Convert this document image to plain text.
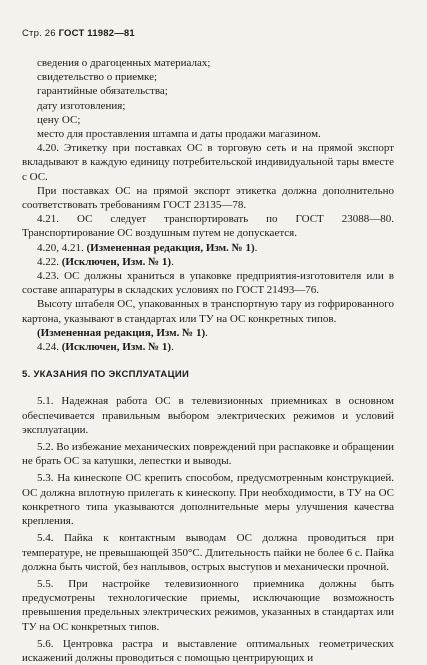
Стр. 26 ГОСТ 11982—81

сведения о драгоценных материалах;

свидетельство о приемке;

гарантийные обязательства;

дату изготовления;

цену ОС;

место для проставления штампа и даты продажи магазином.

4.20. Этикетку при поставках ОС в торговую сеть и на прямой экспорт вкладывают в каждую единицу потребительской индивидуальной тары вместе с ОС.

При поставках ОС на прямой экспорт этикетка должна дополнительно соответствовать требованиям ГОСТ 23135—78.

4.21. ОС следует транспортировать по ГОСТ 23088—80. Транспортирование ОС воздушным путем не допускается.

4.20, 4.21. (Измененная редакция, Изм. № 1).

4.22. (Исключен, Изм. № 1).

4.23. ОС должны храниться в упаковке предприятия-изготовителя или в составе аппаратуры в складских условиях по ГОСТ 21493—76.

Высоту штабеля ОС, упакованных в транспортную тару из гофрированного картона, указывают в стандартах или ТУ на ОС конкретных типов.

(Измененная редакция, Изм. № 1).

4.24. (Исключен, Изм. № 1).

5. УКАЗАНИЯ ПО ЭКСПЛУАТАЦИИ

5.1. Надежная работа ОС в телевизионных приемниках в основном обеспечивается правильным выбором электрических режимов и условий эксплуатации.

5.2. Во избежание механических повреждений при распаковке и обращении не брать ОС за катушки, лепестки и выводы.

5.3. На кинескопе ОС крепить способом, предусмотренным конструкцией. ОС должна вплотную прилегать к кинескопу. При необходимости, в ТУ на ОС конкретного типа указываются дополнительные меры улучшения качества крепления.

5.4. Пайка к контактным выводам ОС должна проводиться при температуре, не превышающей 350°С. Длительность пайки не более 6 с. Пайка должна быть чистой, без наплывов, острых выступов и механически прочной.

5.5. При настройке телевизионного приемника должны быть предусмотрены технологические приемы, исключающие возможность превышения предельных электрических режимов, указанных в стандартах или ТУ на ОС конкретных типов.

5.6. Центровка растра и выставление оптимальных геометрических искажений должны проводиться с помощью центрирующих и
